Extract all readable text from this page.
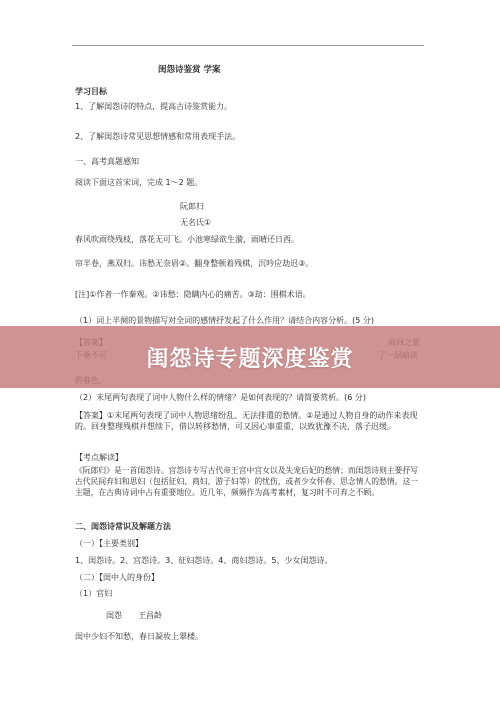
闺怨诗鉴赏 学案
学习目标
1、了解闺怨诗的特点，提高古诗鉴赏能力。
2、了解闺怨诗常见思想情感和常用表现手法。
一、高考真题感知
阅读下面这首宋词，完成 1～2 题。
阮郎归
无名氏①
春风吹雨绕残枝，落花无可飞。小池寒绿欲生漪，雨晴还日西。
帘半卷，燕双归。讳愁无奈眉②。翻身整顿着残棋，沉吟应劫迟③。
[注]①作者一作秦观。②讳愁：隐瞒内心的痛苦。③劫：围棋术语。
（1）词上半阕的景物描写对全词的感情抒发起了什么作用？请结合内容分析。(5 分)
（2）末尾两句表现了词中人物什么样的情绪？是如何表现的？请简要赏析。(6 分)
【答案】①末尾两句表现了词中人物思绪纷乱、无法排遣的愁情。②是通过人物自身的动作来表现的。回身整理残棋并想续下，借以转移愁情，可又因心事重重，以致犹豫不决，落子迟缓。
【考点解读】
《阮郎归》是一首闺怨诗。宫怨诗专写古代帝王宫中宫女以及失宠后妃的愁情；而闺怨诗则主要抒写古代民间弃妇和思妇（包括征妇、商妇、游子妇等）的忧伤，或者少女怀春、思念情人的愁情。这一主题，在古典诗词中占有重要地位。近几年，频频作为高考素材，复习时不可弃之不顾。
二、闺怨诗常识及解题方法
（一）【主要类别】
1、闺怨诗。2、宫怨诗。3、征妇怨诗。4、商妇怨诗。5、少女闺怨诗。
（二）【闺中人的身份】
（1）官妇
闺怨　　王昌龄
闺中少妇不知愁，春日凝妆上翠楼。
闺怨诗专题深度鉴赏
